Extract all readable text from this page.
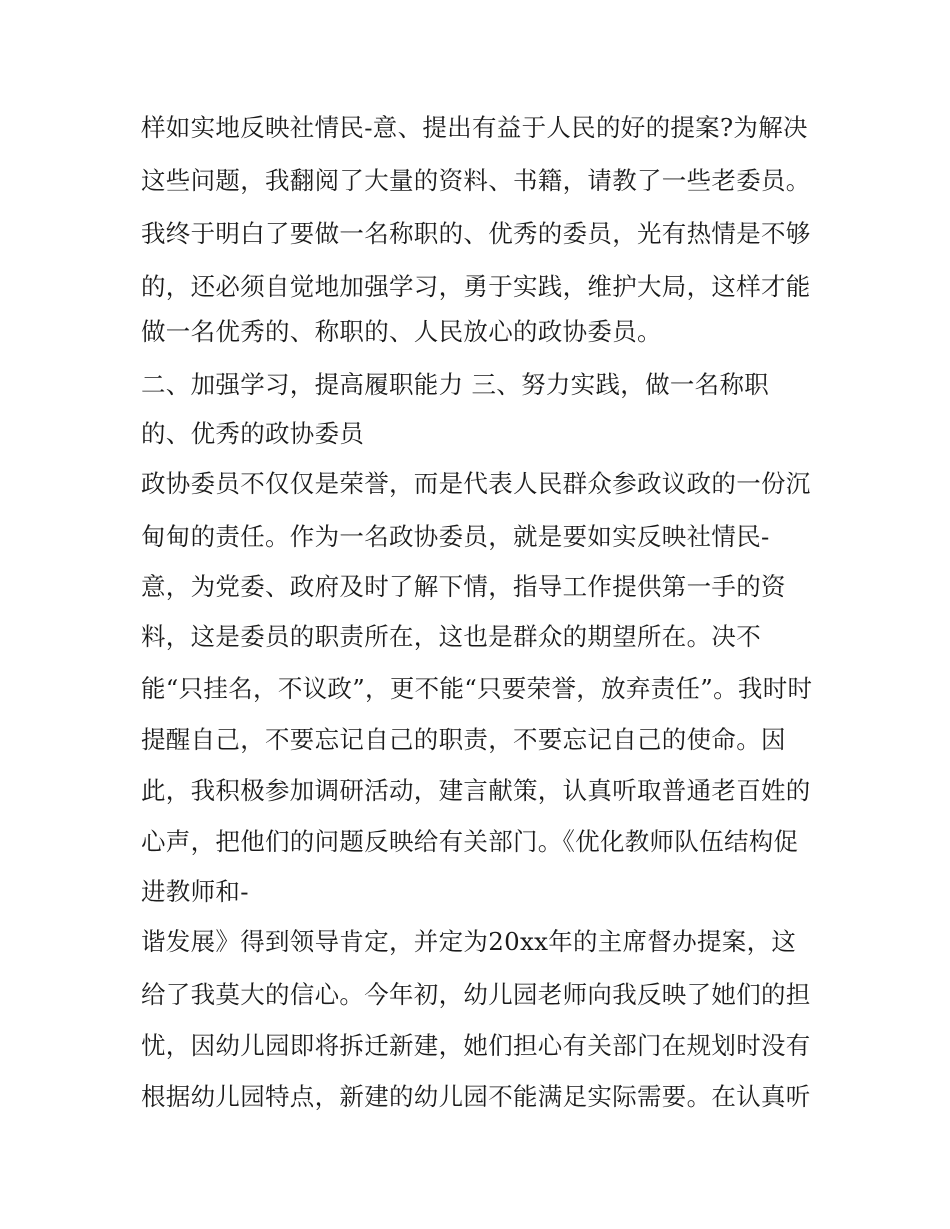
样如实地反映社情民-意、提出有益于人民的好的提案?为解决
这些问题，我翻阅了大量的资料、书籍，请教了一些老委员。
我终于明白了要做一名称职的、优秀的委员，光有热情是不够
的，还必须自觉地加强学习，勇于实践，维护大局，这样才能
做一名优秀的、称职的、人民放心的政协委员。
二、加强学习，提高履职能力 三、努力实践，做一名称职
的、优秀的政协委员
政协委员不仅仅是荣誉，而是代表人民群众参政议政的一份沉
甸甸的责任。作为一名政协委员，就是要如实反映社情民-
意，为党委、政府及时了解下情，指导工作提供第一手的资
料，这是委员的职责所在，这也是群众的期望所在。决不
能“只挂名，不议政”，更不能“只要荣誉，放弃责任”。我时时
提醒自己，不要忘记自己的职责，不要忘记自己的使命。因
此，我积极参加调研活动，建言献策，认真听取普通老百姓的
心声，把他们的问题反映给有关部门。《优化教师队伍结构促
进教师和-
谐发展》得到领导肯定，并定为20xx年的主席督办提案，这
给了我莫大的信心。今年初，幼儿园老师向我反映了她们的担
忧，因幼儿园即将拆迁新建，她们担心有关部门在规划时没有
根据幼儿园特点，新建的幼儿园不能满足实际需要。在认真听
